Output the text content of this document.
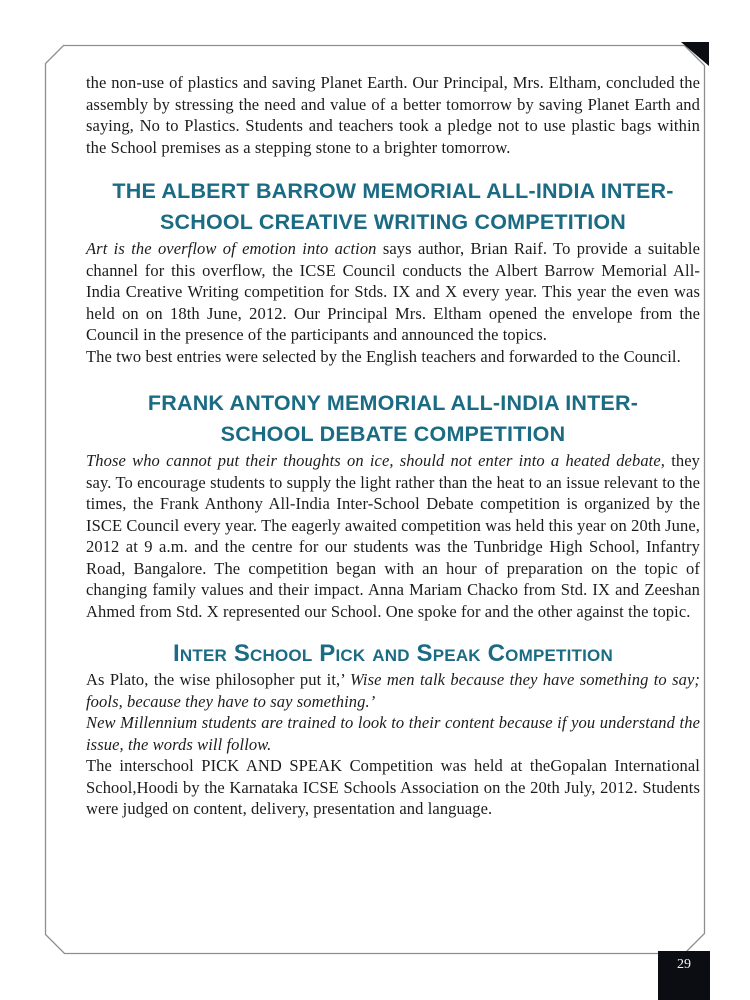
the non-use of plastics and saving Planet Earth. Our Principal, Mrs. Eltham, concluded the assembly by stressing the need and value of a better tomorrow by saving Planet Earth and saying, No to Plastics. Students and teachers took a pledge not to use plastic bags within the School premises as a stepping stone to a brighter tomorrow.

THE ALBERT BARROW MEMORIAL ALL-INDIA INTER-SCHOOL CREATIVE WRITING COMPETITION

Art is the overflow of emotion into action says author, Brian Raif. To provide a suitable channel for this overflow, the ICSE Council conducts the Albert Barrow Memorial All-India Creative Writing competition for Stds. IX and X every year. This year the even was held on on 18th June, 2012. Our Principal Mrs. Eltham opened the envelope from the Council in the presence of the participants and announced the topics.

The two best entries were selected by the English teachers and forwarded to the Council.

FRANK ANTONY MEMORIAL ALL-INDIA INTER-SCHOOL DEBATE COMPETITION

Those who cannot put their thoughts on ice, should not enter into a heated debate, they say. To encourage students to supply the light rather than the heat to an issue relevant to the times, the Frank Anthony All-India Inter-School Debate competition is organized by the ISCE Council every year. The eagerly awaited competition was held this year on 20th June, 2012 at 9 a.m. and the centre for our students was the Tunbridge High School, Infantry Road, Bangalore. The competition began with an hour of preparation on the topic of changing family values and their impact. Anna Mariam Chacko from Std. IX and Zeeshan Ahmed from Std. X represented our School. One spoke for and the other against the topic.

Inter School Pick and Speak Competition

As Plato, the wise philosopher put it,’ Wise men talk because they have something to say; fools, because they have to say something.’

New Millennium students are trained to look to their content because if you understand the issue, the words will follow.

The interschool PICK AND SPEAK Competition was held at theGopalan International School,Hoodi by the Karnataka ICSE Schools Association on the 20th July, 2012. Students were judged on content, delivery, presentation and language.

29
